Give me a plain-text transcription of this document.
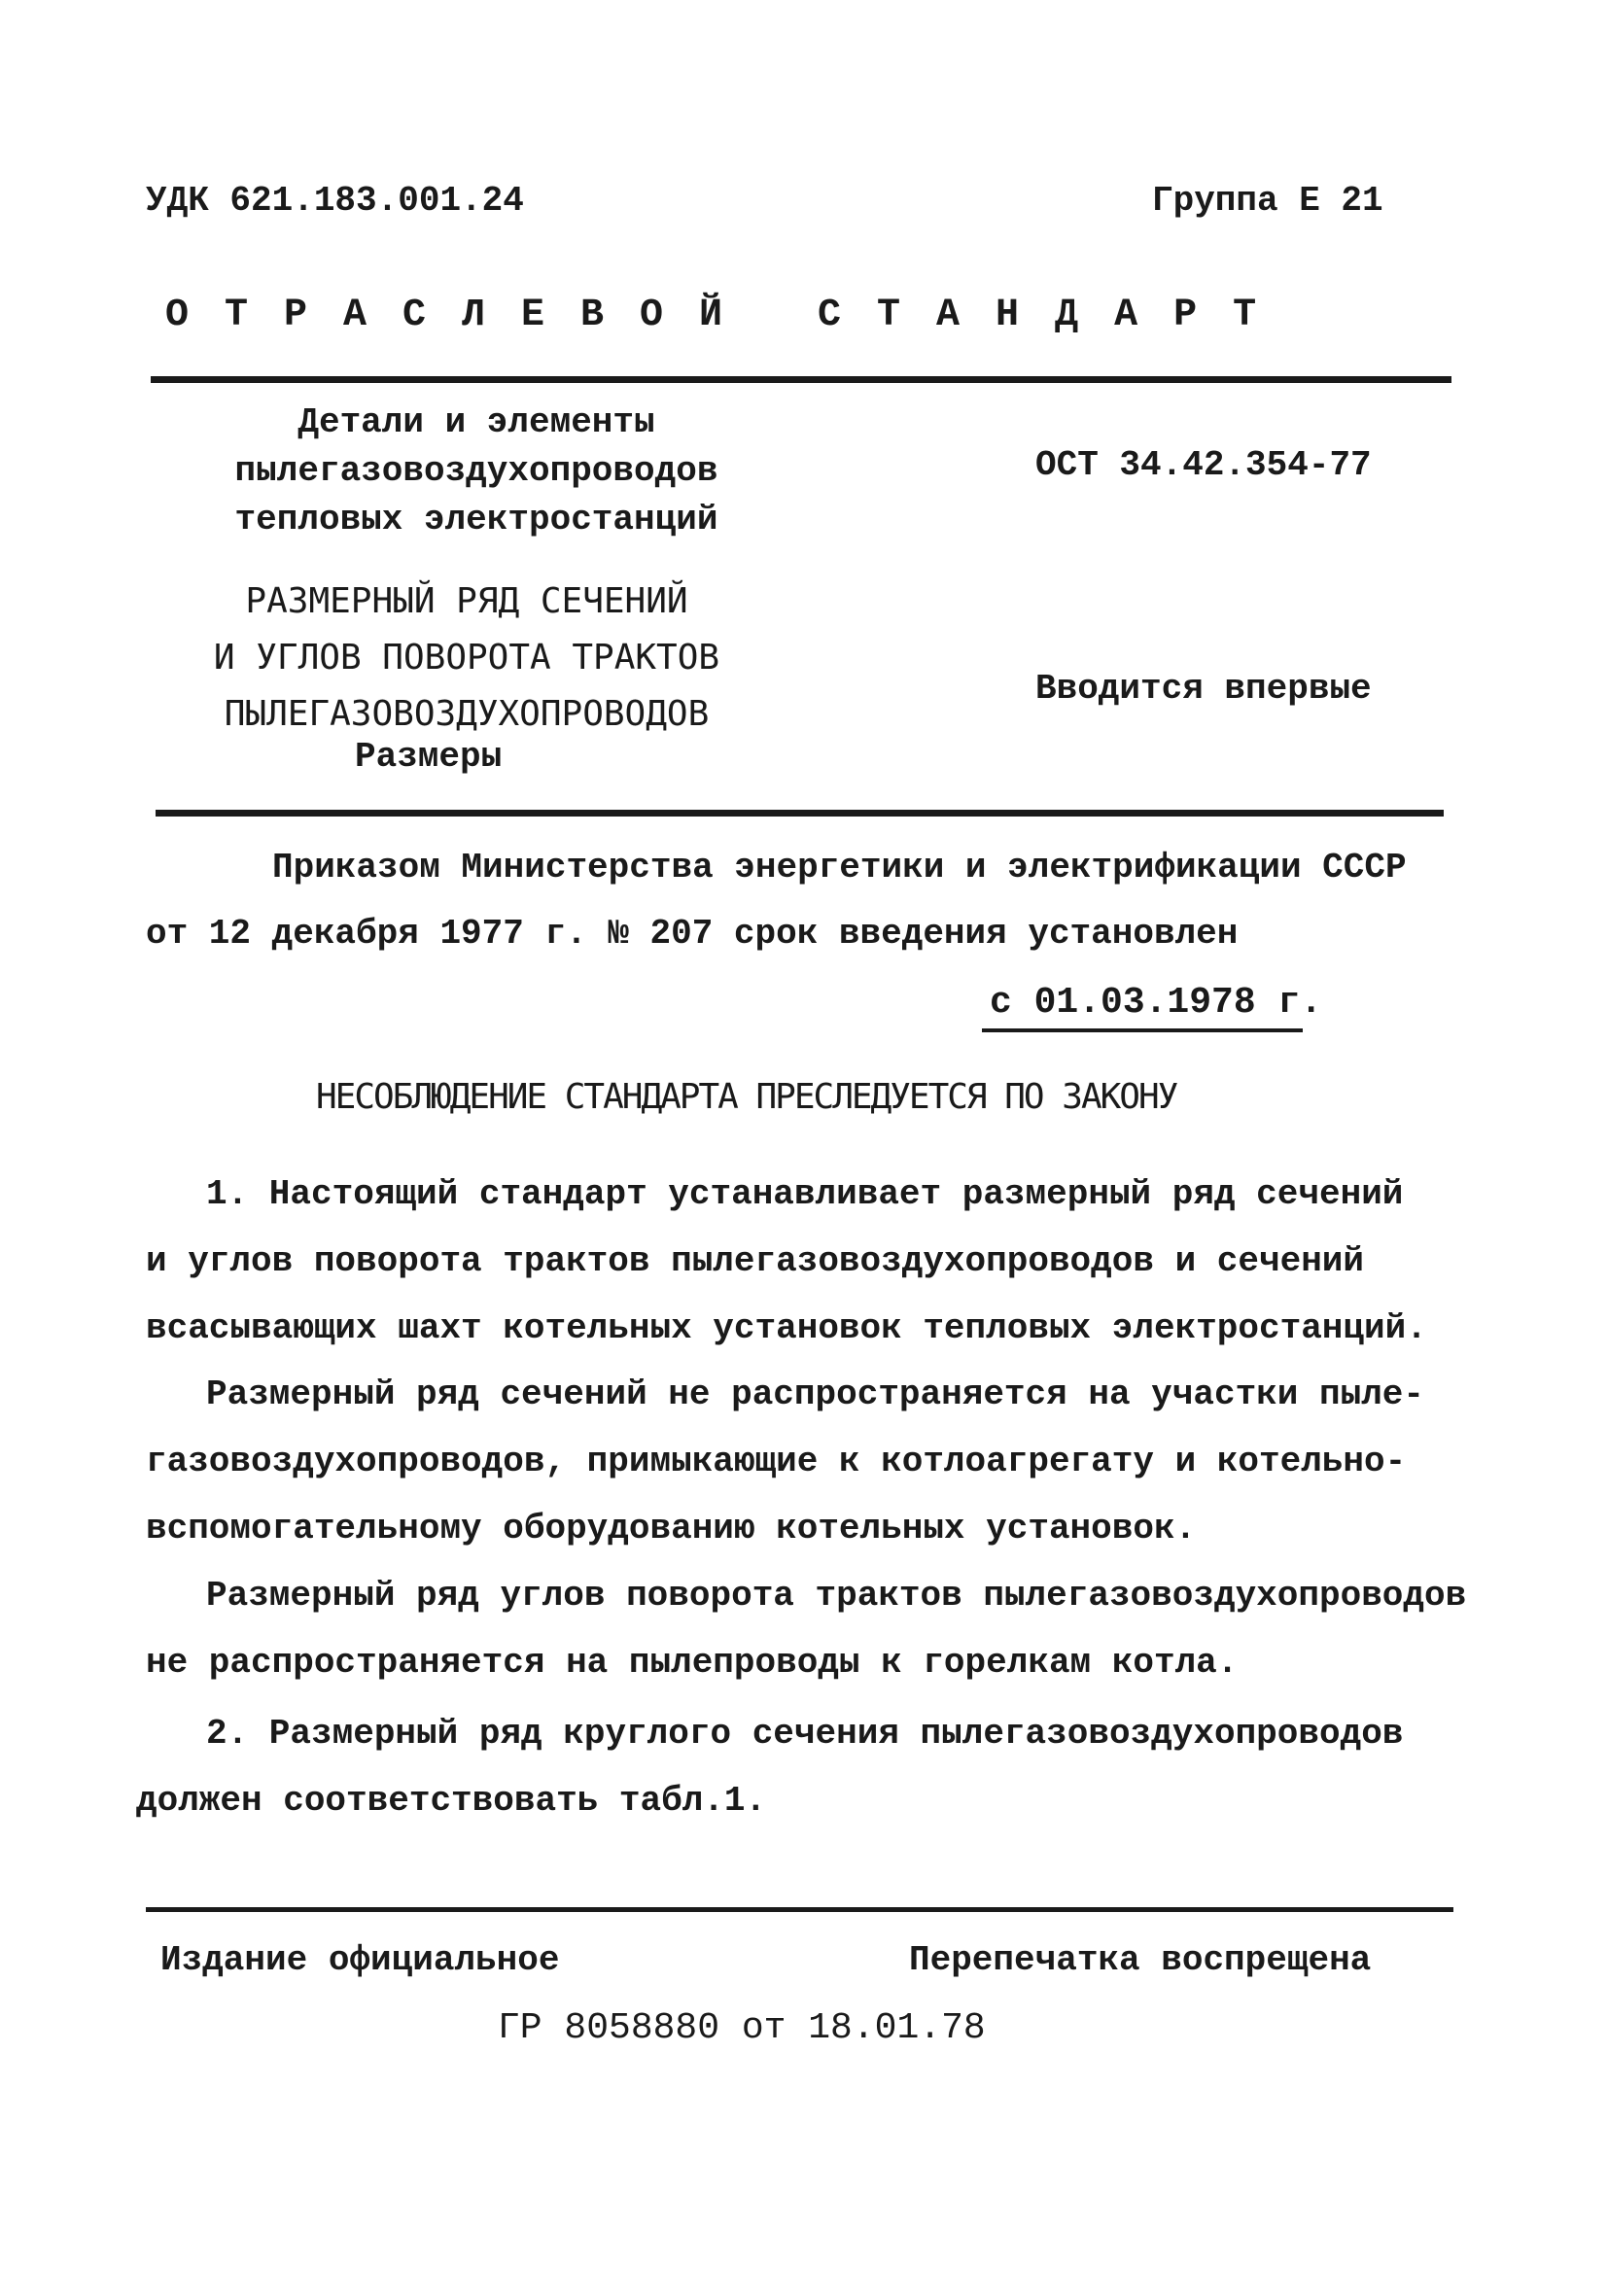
УДК 621.183.001.24	Группа Е 21
ОТРАСЛЕВОЙ СТАНДАРТ
Детали и элементы
пылегазовоздухопроводов
тепловых электростанций
ОСТ 34.42.354-77
РАЗМЕРНЫЙ РЯД СЕЧЕНИЙ
И УГЛОВ ПОВОРОТА ТРАКТОВ
ПЫЛЕГАЗОВОЗДУХОПРОВОДОВ
Вводится впервые
Размеры
Приказом Министерства энергетики и электрификации СССР
от 12 декабря 1977 г. № 207 срок введения установлен
с 01.03.1978 г.
НЕСОБЛЮДЕНИЕ СТАНДАРТА ПРЕСЛЕДУЕТСЯ ПО ЗАКОНУ
1. Настоящий стандарт устанавливает размерный ряд сечений
и углов поворота трактов пылегазовоздухопроводов и сечений
всасывающих шахт котельных установок тепловых электростанций.
Размерный ряд сечений не распространяется на участки пыле-
газовоздухопроводов, примыкающие к котлоагрегату и котельно-
вспомогательному оборудованию котельных установок.
Размерный ряд углов поворота трактов пылегазовоздухопроводов
не распространяется на пылепроводы к горелкам котла.
2. Размерный ряд круглого сечения пылегазовоздухопроводов
должен соответствовать табл.1.
Издание официальное	Перепечатка воспрещена
ГР 8058880 от 18.01.78
